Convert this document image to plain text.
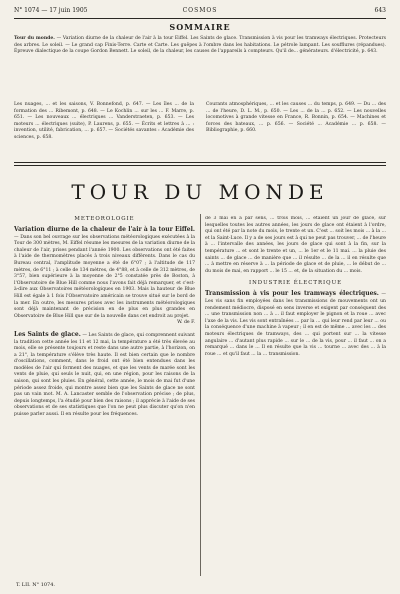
N° 1074 — 17 juin 1905	COSMOS	643
SOMMAIRE
Tour du monde. — Variation diurne de la chaleur de l'air à la tour Eiffel. Les Saints de glace. Transmission à vis pour les tramways électriques. Protecteurs des arbres. Le soleil. — Le grand cap Finis-Terre. Carte et Carte. Les guêpes à l'ombre dans les habitations. Le pétrole lampant. Les soufflures (répandues). Épreuve dialectique de la coupe Gordon Bennett. Le soleil, de la chaleur, les causes de l'appareils à compteurs. Qu'il de... générateurs. d'électricité, p. 643.
Les nuages, ... et les saisons, V. Bonnefond, p. 647. — Les îles ... de la formation des ... Ribemont, p. 648. — Le Kochlin ... sur les ... F. Marre, p. 651. — Les nouveaux ... électriques ... Vanderstraeten, p. 653. — Les moteurs ... électriques (suite), P. Laurens, p. 655. — Écrits et lettres à ... : invention, utilité, fabrication, ... p. 657. — Sociétés savantes : Académie des sciences, p. 658.
Courants atmosphériques, ... et les causes ... du temps, p. 649. — Du ... des ... de l'heure, D. L. M., p. 650. — Les ... de la ... p. 652. — Les nouvelles locomotives à grande vitesse en France, R. Bonnin, p. 654. — Machines et forces des bateaux, ... p. 656. — Société ... Académie ... p. 658. — Bibliographie, p. 660.
TOUR DU MONDE
MÉTÉOROLOGIE

Variation diurne de la chaleur de l'air à la tour Eiffel. — Dans son bel ouvrage sur les observations météorologiques exécutées à la Tour de 300 mètres, M. Eiffel résume les mesures de la variation diurne de la chaleur de l'air, prises pendant l'année 1900. Les observations ont été faites à l'aide de thermomètres placés à trois niveaux différents. Dans le cas du Bureau central, l'amplitude moyenne a été de 6°07 ; à l'altitude de 117 mètres, de 6°11 ; à celle de 134 mètres, de 4°88, et à celle de 312 mètres, de 3°57, bien supérieure à la moyenne de 2°5 constatée près de Boston, à l'Observatoire de Blue Hill comme nous l'avons fait déjà remarquer, et c'est-à-dire aux Observatoires météorologiques en 1903. Mais la hauteur de Blue Hill est égale à 1 fois l'Observatoire américain se trouve situé sur le bord de la mer. En outre, les mesures prises avec les instruments météorologiques sont déjà maintenant de précision en de plus en plus grandes en Observatoire de Blue Hill que sur de la nouvelle dans cet endroit au projet.

W. de F.

Les Saints de glace. — Les Saints de glace, qui comprennent suivant la tradition cette année les 11 et 12 mai, la température a été très élevée au mois, elle se présente toujours et reste dans une autre partie, à l'horizon, on a 21°, la température s'élève très haute. Il est bien certain que le nombre d'oscillations, comment, dans le froid ont été bien entendues dans les modèles de l'air qui forment des nuages, et que les vents de marée sont les vents de pluie, qui seuls le nuit, qui, en une région, pour les raisons de la saison, qui sont les pluies. En général, cette année, le mois de mai fut d'une période assez froide, qui montre assez bien que les Saints de glace ne sont pas un vain mot. M. A. Lancaster semble de l'observation précise ; de plus, depuis longtemps, l'a étudié pour bien des raisons ; il apprécie à l'aide de ses observations et de ses statistiques que l'on ne peut plus discuter qu'on n'en puisse parler aussi. Il en résulte pour les fréquences.

de 3 mai en a par sens, ... trois mois, ... étaient un jour de glace, sur lesquelles toutes les autres années, les jours de glace ont étaient à l'ordre, qui ont été par la note du mois, le trente et un. C'est ... soit les mois ... à la ... et la Saint-Luce. Il y a de ses jours est à qui ne peut pas trouver, ... de l'heure à ... l'intervalle des années, les jours de glace qui sont à la fin, sur la température ... et sont le trente et un, ... le 1er et le 11 mai. ... la pluie des saints ... de glace ... de manière que ... il résulte ... de la ... il en résulte que ... à mettre en réserve à ... la période de glace et de pluie, ... le début de ... du mois de mai, en rapport ... le 15 ... et, de la situation du ... mois.

INDUSTRIE ÉLECTRIQUE

Transmission à vis pour les tramways électriques. — Les vis sans fin employées dans les transmissions de mouvements ont un rendement médiocre, disposé en sens inverse et exigent par conséquent des ... une transmission non ... à ... il faut employer le pignon et la roue ... avec l'axe de la vis. Les vis sont entraînées ... par la ... qui leur rend par leur ... ou la conséquence d'une machine à vapeur ; il en est de même ... avec les ... des moteurs électriques de tramways, des ... qui portent sur ... la vitesse angulaire ... d'autant plus rapide ... sur le ... de la vis, pour ... il faut ... on a remarqué ... dans le ... Il en résulte que la vis ... tourne ... avec des ... à la roue ... et qu'il faut ... la ... transmission.

T. LII. N° 1074.
